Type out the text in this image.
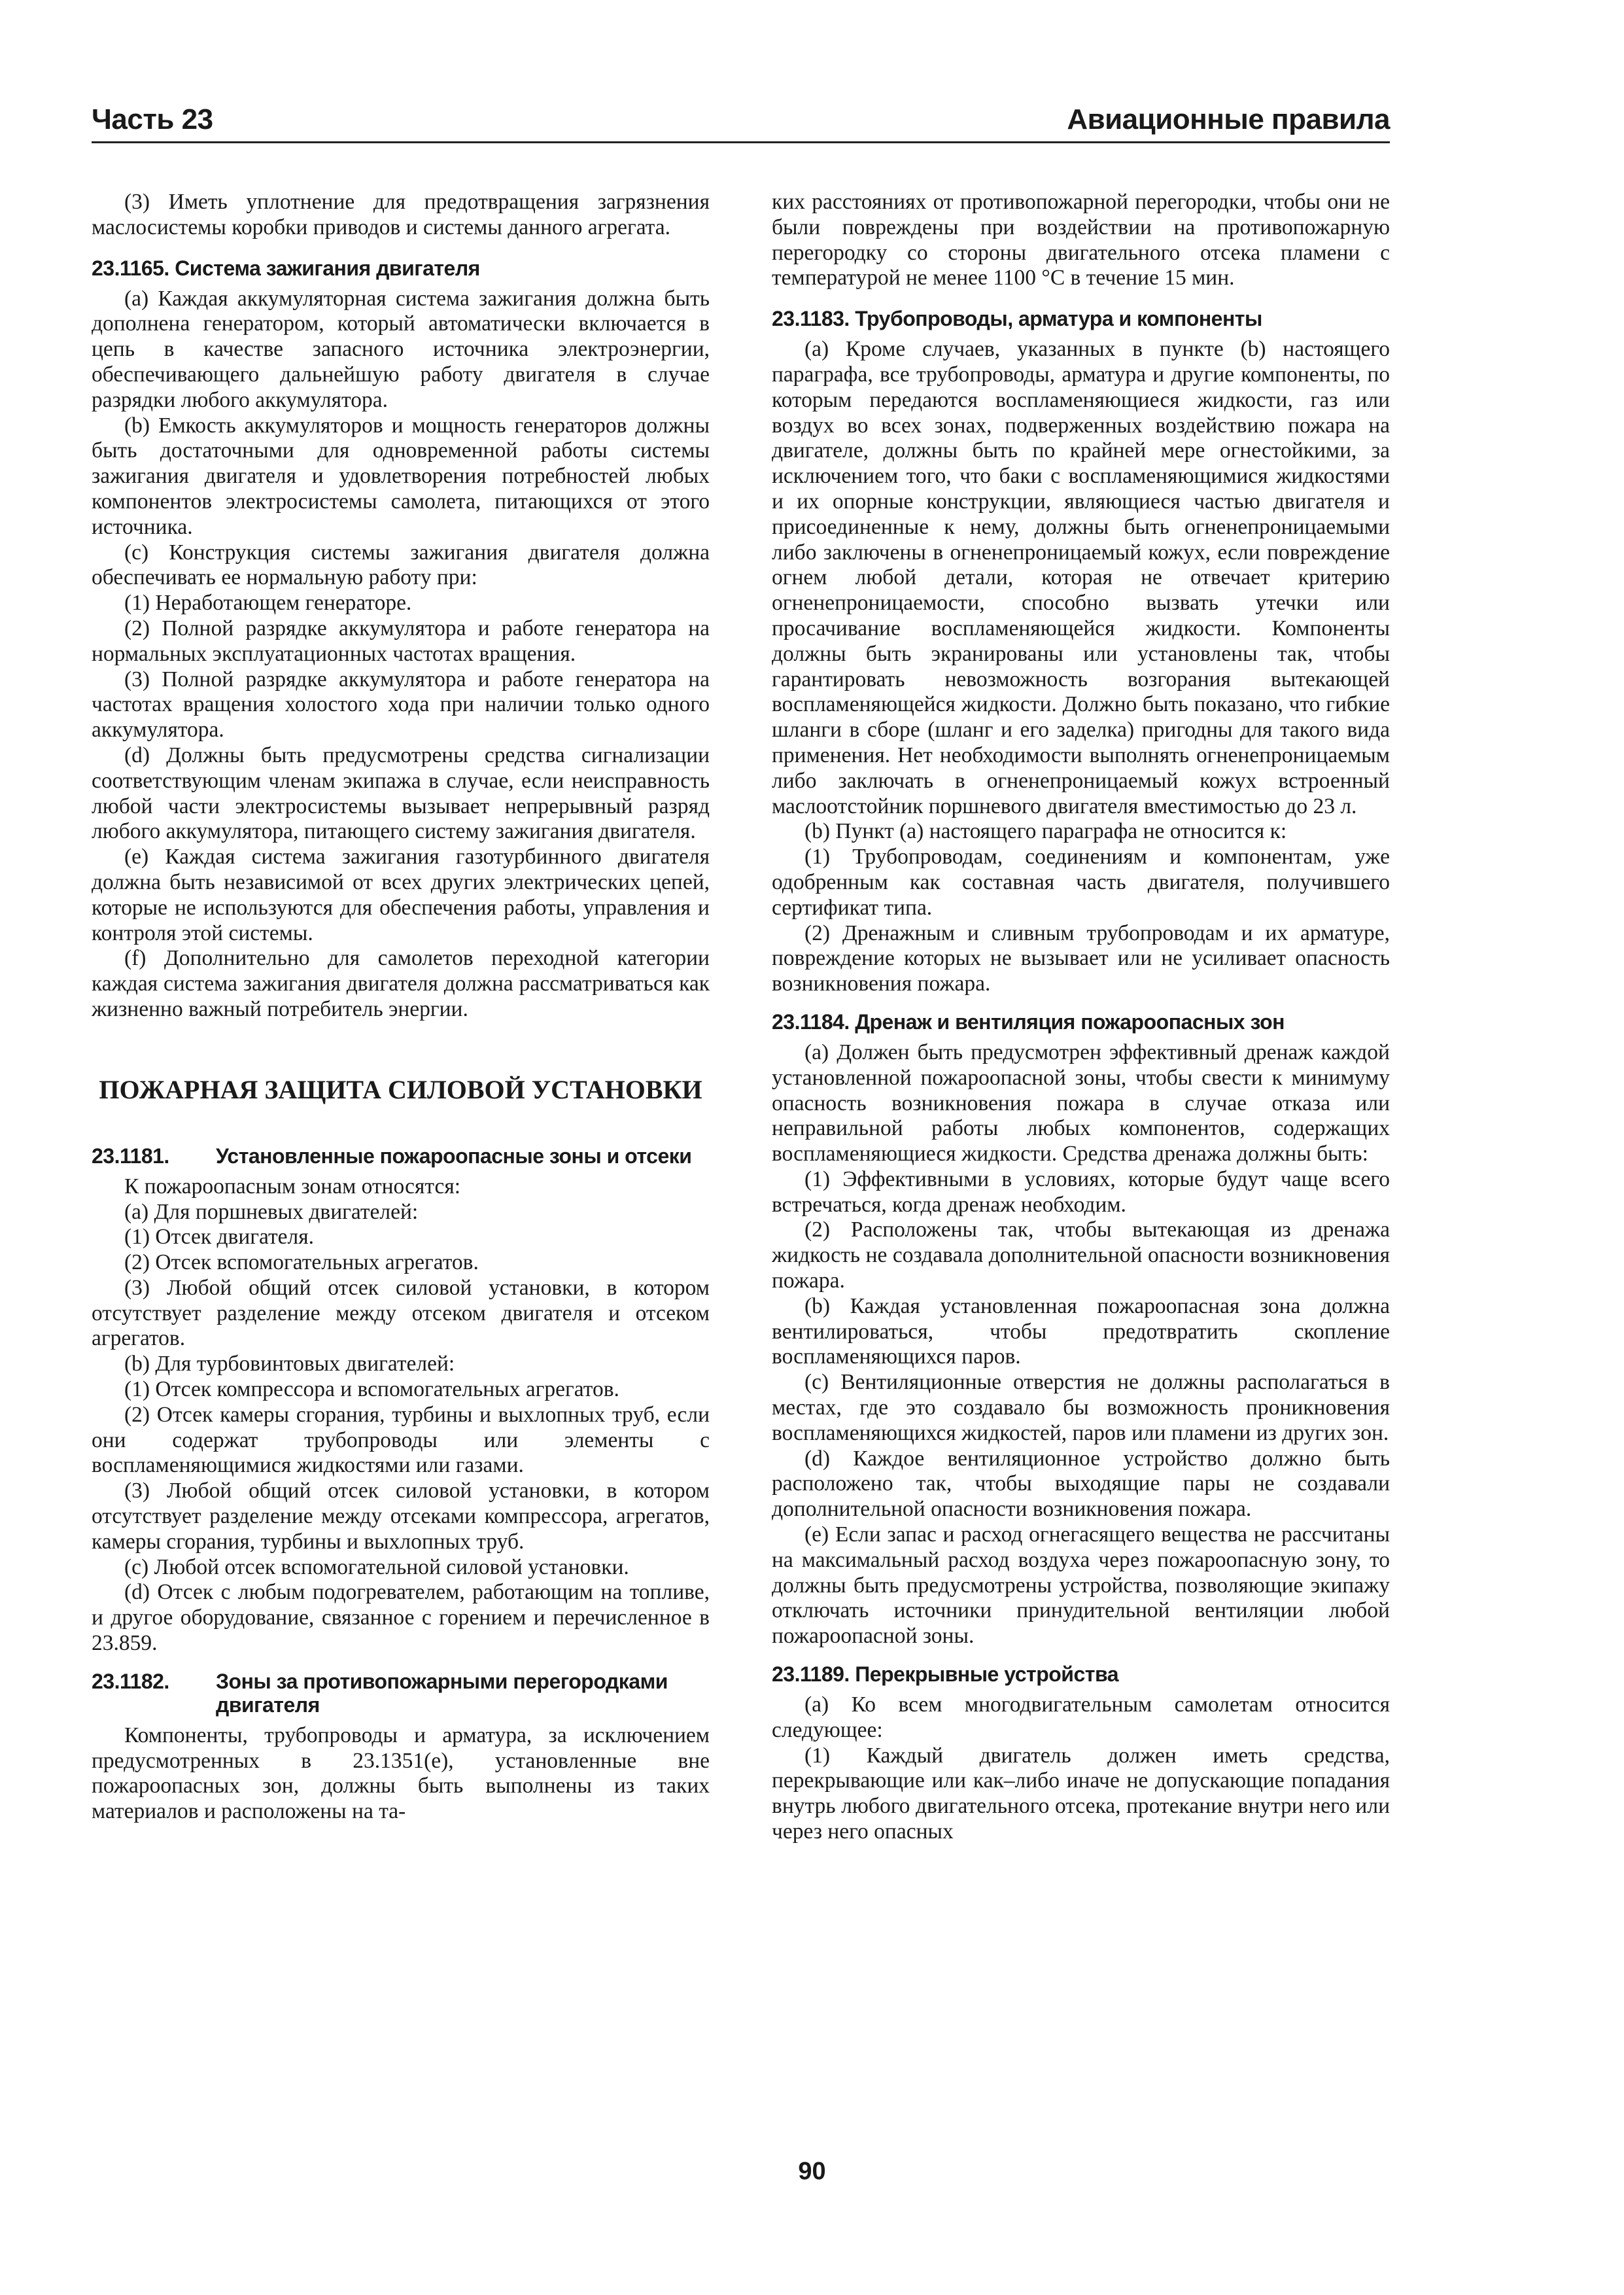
Часть 23	Авиационные правила

(3) Иметь уплотнение для предотвращения загрязнения маслосистемы коробки приводов и системы данного агрегата.

23.1165. Система зажигания двигателя

(a) Каждая аккумуляторная система зажигания должна быть дополнена генератором, который автоматически включается в цепь в качестве запасного источника электроэнергии, обеспечивающего дальнейшую работу двигателя в случае разрядки любого аккумулятора.

(b) Емкость аккумуляторов и мощность генераторов должны быть достаточными для одновременной работы системы зажигания двигателя и удовлетворения потребностей любых компонентов электросистемы самолета, питающихся от этого источника.

(c) Конструкция системы зажигания двигателя должна обеспечивать ее нормальную работу при:

(1) Неработающем генераторе.

(2) Полной разрядке аккумулятора и работе генератора на нормальных эксплуатационных частотах вращения.

(3) Полной разрядке аккумулятора и работе генератора на частотах вращения холостого хода при наличии только одного аккумулятора.

(d) Должны быть предусмотрены средства сигнализации соответствующим членам экипажа в случае, если неисправность любой части электросистемы вызывает непрерывный разряд любого аккумулятора, питающего систему зажигания двигателя.

(e) Каждая система зажигания газотурбинного двигателя должна быть независимой от всех других электрических цепей, которые не используются для обеспечения работы, управления и контроля этой системы.

(f) Дополнительно для самолетов переходной категории каждая система зажигания двигателя должна рассматриваться как жизненно важный потребитель энергии.

ПОЖАРНАЯ ЗАЩИТА СИЛОВОЙ УСТАНОВКИ
23.1181. Установленные пожароопасные зоны и отсеки

К пожароопасным зонам относятся:

(a) Для поршневых двигателей:

(1) Отсек двигателя.

(2) Отсек вспомогательных агрегатов.

(3) Любой общий отсек силовой установки, в котором отсутствует разделение между отсеком двигателя и отсеком агрегатов.

(b) Для турбовинтовых двигателей:

(1) Отсек компрессора и вспомогательных агрегатов.

(2) Отсек камеры сгорания, турбины и выхлопных труб, если они содержат трубопроводы или элементы с воспламеняющимися жидкостями или газами.

(3) Любой общий отсек силовой установки, в котором отсутствует разделение между отсеками компрессора, агрегатов, камеры сгорания, турбины и выхлопных труб.

(c) Любой отсек вспомогательной силовой установки.

(d) Отсек с любым подогревателем, работающим на топливе, и другое оборудование, связанное с горением и перечисленное в 23.859.

23.1182. Зоны за противопожарными перегородками двигателя

Компоненты, трубопроводы и арматура, за исключением предусмотренных в 23.1351(e), установленные вне пожароопасных зон, должны быть выполнены из таких материалов и расположены на та-

ких расстояниях от противопожарной перегородки, чтобы они не были повреждены при воздействии на противопожарную перегородку со стороны двигательного отсека пламени с температурой не менее 1100 °С в течение 15 мин.

23.1183. Трубопроводы, арматура и компоненты

(a) Кроме случаев, указанных в пункте (b) настоящего параграфа, все трубопроводы, арматура и другие компоненты, по которым передаются воспламеняющиеся жидкости, газ или воздух во всех зонах, подверженных воздействию пожара на двигателе, должны быть по крайней мере огнестойкими, за исключением того, что баки с воспламеняющимися жидкостями и их опорные конструкции, являющиеся частью двигателя и присоединенные к нему, должны быть огненепроницаемыми либо заключены в огненепроницаемый кожух, если повреждение огнем любой детали, которая не отвечает критерию огненепроницаемости, способно вызвать утечки или просачивание воспламеняющейся жидкости. Компоненты должны быть экранированы или установлены так, чтобы гарантировать невозможность возгорания вытекающей воспламеняющейся жидкости. Должно быть показано, что гибкие шланги в сборе (шланг и его заделка) пригодны для такого вида применения. Нет необходимости выполнять огненепроницаемым либо заключать в огненепроницаемый кожух встроенный маслоотстойник поршневого двигателя вместимостью до 23 л.

(b) Пункт (a) настоящего параграфа не относится к:

(1) Трубопроводам, соединениям и компонентам, уже одобренным как составная часть двигателя, получившего сертификат типа.

(2) Дренажным и сливным трубопроводам и их арматуре, повреждение которых не вызывает или не усиливает опасность возникновения пожара.

23.1184. Дренаж и вентиляция пожароопасных зон

(a) Должен быть предусмотрен эффективный дренаж каждой установленной пожароопасной зоны, чтобы свести к минимуму опасность возникновения пожара в случае отказа или неправильной работы любых компонентов, содержащих воспламеняющиеся жидкости. Средства дренажа должны быть:

(1) Эффективными в условиях, которые будут чаще всего встречаться, когда дренаж необходим.

(2) Расположены так, чтобы вытекающая из дренажа жидкость не создавала дополнительной опасности возникновения пожара.

(b) Каждая установленная пожароопасная зона должна вентилироваться, чтобы предотвратить скопление воспламеняющихся паров.

(c) Вентиляционные отверстия не должны располагаться в местах, где это создавало бы возможность проникновения воспламеняющихся жидкостей, паров или пламени из других зон.

(d) Каждое вентиляционное устройство должно быть расположено так, чтобы выходящие пары не создавали дополнительной опасности возникновения пожара.

(e) Если запас и расход огнегасящего вещества не рассчитаны на максимальный расход воздуха через пожароопасную зону, то должны быть предусмотрены устройства, позволяющие экипажу отключать источники принудительной вентиляции любой пожароопасной зоны.

23.1189. Перекрывные устройства

(a) Ко всем многодвигательным самолетам относится следующее:

(1) Каждый двигатель должен иметь средства, перекрывающие или как–либо иначе не допускающие попадания внутрь любого двигательного отсека, протекание внутри него или через него опасных

90
